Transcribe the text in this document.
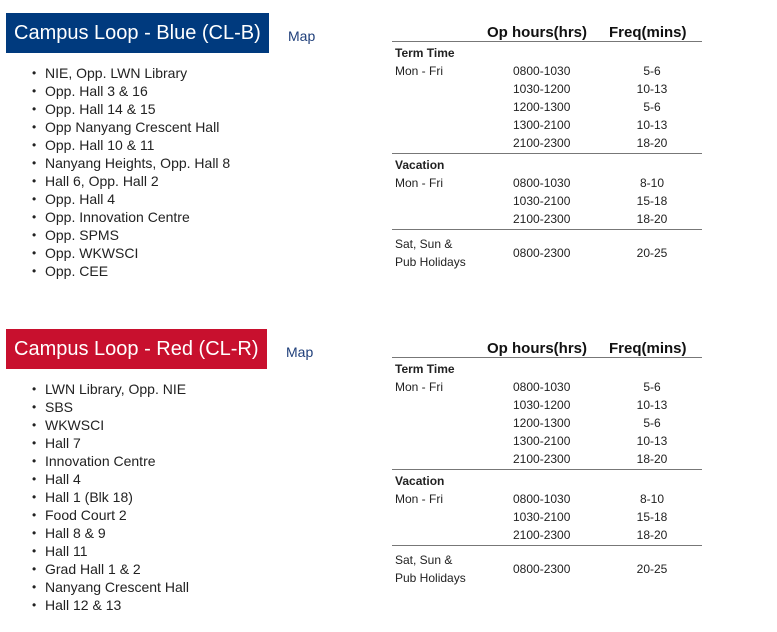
Campus Loop - Blue (CL-B)	Map
• NIE, Opp. LWN Library
• Opp. Hall 3 & 16
• Opp. Hall 14 & 15
• Opp Nanyang Crescent Hall
• Opp. Hall 10 & 11
• Nanyang Heights, Opp. Hall 8
• Hall 6, Opp. Hall 2
• Opp. Hall 4
• Opp. Innovation Centre
• Opp. SPMS
• Opp. WKWSCI
• Opp. CEE
Op hours(hrs) Freq(mins)
Term Time
Mon - Fri	0800-1030	5-6
1030-1200	10-13
1200-1300	5-6
1300-2100	10-13
2100-2300	18-20
Vacation
Mon - Fri	0800-1030	8-10
1030-2100	15-18
2100-2300	18-20
Sat, Sun &
Pub Holidays
0800-2300	20-25
Campus Loop - Red (CL-R)	Map
• LWN Library, Opp. NIE
• SBS
• WKWSCI
• Hall 7
• Innovation Centre
• Hall 4
• Hall 1 (Blk 18)
• Food Court 2
• Hall 8 & 9
• Hall 11
• Grad Hall 1 & 2
• Nanyang Crescent Hall
• Hall 12 & 13
Op hours(hrs) Freq(mins)
Term Time
Mon - Fri	0800-1030	5-6
1030-1200	10-13
1200-1300	5-6
1300-2100	10-13
2100-2300	18-20
Vacation
Mon - Fri	0800-1030	8-10
1030-2100	15-18
2100-2300	18-20
Sat, Sun &
Pub Holidays
0800-2300	20-25
